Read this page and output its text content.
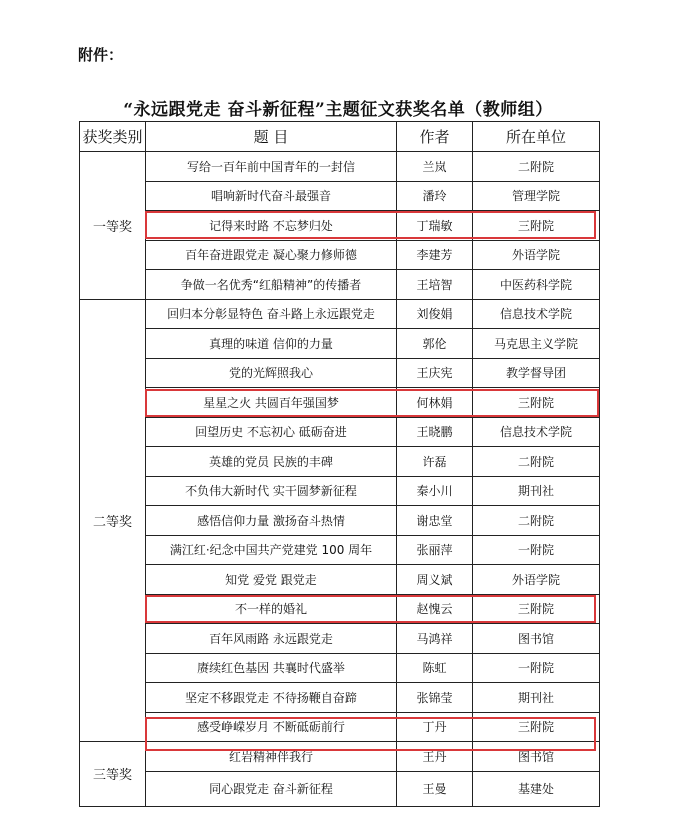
附件：
“永远跟党走 奋斗新征程”主题征文获奖名单（教师组）
获奖类别	题 目	作者	所在单位
一等奖	写给一百年前中国青年的一封信	兰岚	二附院
	唱响新时代奋斗最强音	潘玲	管理学院
	记得来时路 不忘梦归处	丁瑞敏	三附院
	百年奋进跟党走 凝心聚力修师德	李建芳	外语学院
	争做一名优秀“红船精神”的传播者	王培智	中医药科学院
二等奖	回归本分彰显特色 奋斗路上永远跟党走	刘俊娟	信息技术学院
	真理的味道 信仰的力量	郭伦	马克思主义学院
	党的光辉照我心	王庆宪	教学督导团
	星星之火 共圆百年强国梦	何林娟	三附院
	回望历史 不忘初心 砥砺奋进	王晓鹏	信息技术学院
	英雄的党员 民族的丰碑	许磊	二附院
	不负伟大新时代 实干圆梦新征程	秦小川	期刊社
	感悟信仰力量 激扬奋斗热情	谢忠堂	二附院
	满江红·纪念中国共产党建党 100 周年	张丽萍	一附院
	知党 爱党 跟党走	周义斌	外语学院
	不一样的婚礼	赵愧云	三附院
	百年风雨路 永远跟党走	马鸿祥	图书馆
	赓续红色基因 共襄时代盛举	陈虹	一附院
	坚定不移跟党走 不待扬鞭自奋蹄	张锦莹	期刊社
	感受峥嵘岁月 不断砥砺前行	丁丹	三附院
三等奖	红岩精神伴我行	王丹	图书馆
	同心跟党走 奋斗新征程	王曼	基建处
